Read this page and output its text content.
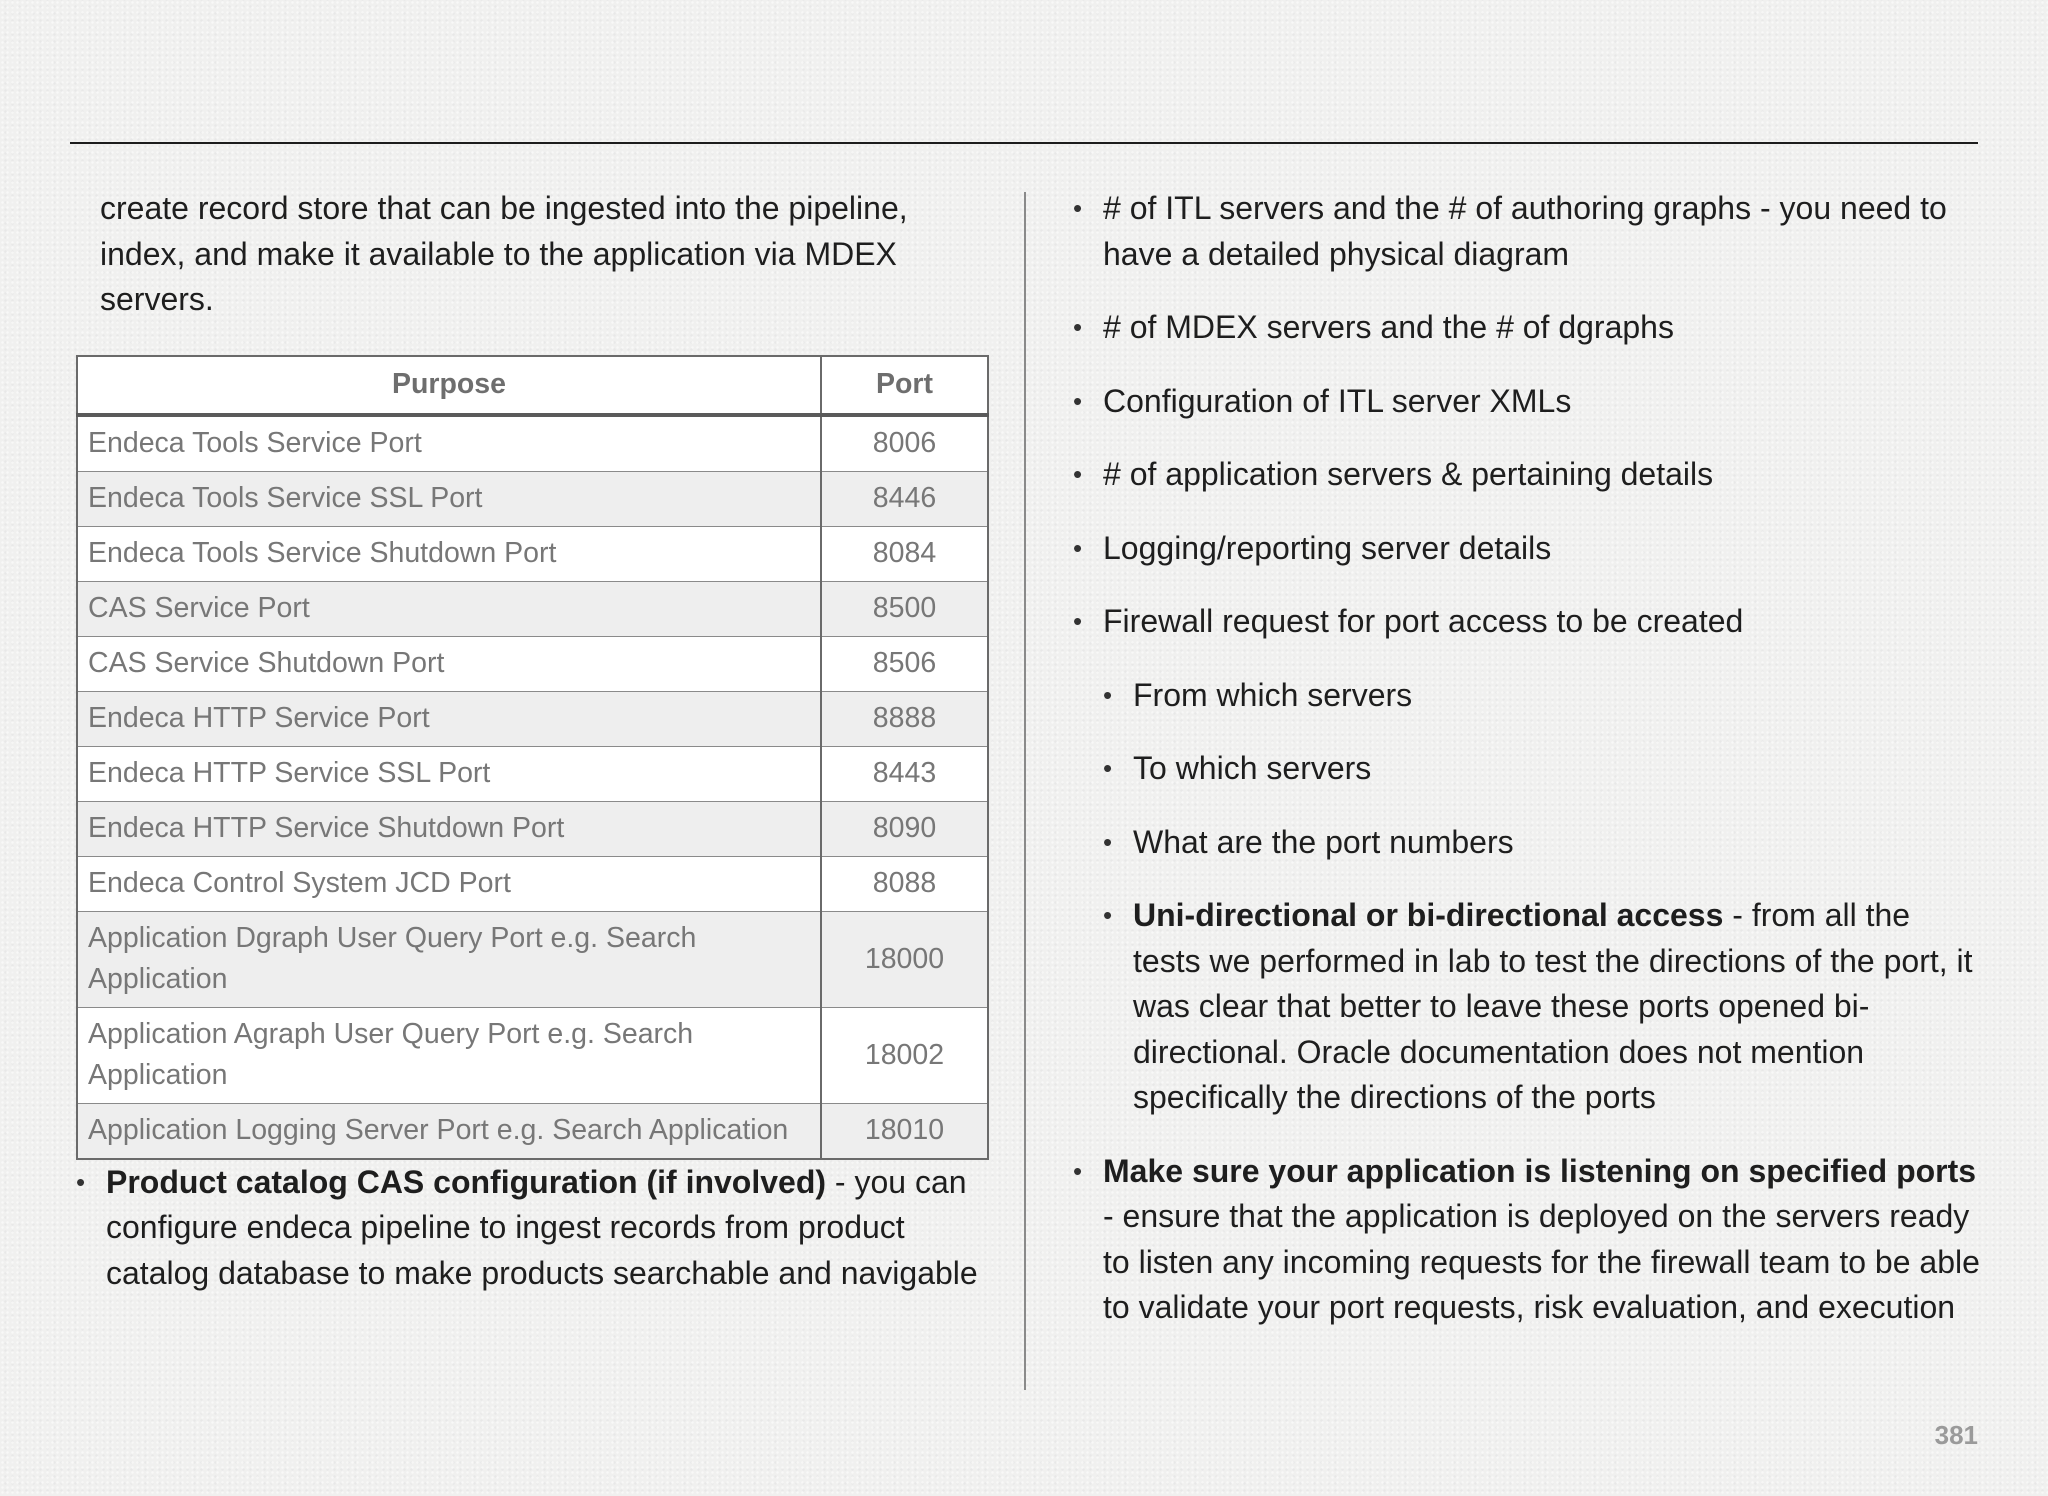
create record store that can be ingested into the pipeline, index, and make it available to the application via MDEX servers.

Purpose	Port
Endeca Tools Service Port	8006
Endeca Tools Service SSL Port	8446
Endeca Tools Service Shutdown Port	8084
CAS Service Port	8500
CAS Service Shutdown Port	8506
Endeca HTTP Service Port	8888
Endeca HTTP Service SSL Port	8443
Endeca HTTP Service Shutdown Port	8090
Endeca Control System JCD Port	8088
Application Dgraph User Query Port e.g. Search Application	18000
Application Agraph User Query Port e.g. Search Application	18002
Application Logging Server Port e.g. Search Application	18010
• Product catalog CAS configuration (if involved) - you can configure endeca pipeline to ingest records from product catalog database to make products searchable and navigable
• # of ITL servers and the # of authoring graphs - you need to have a detailed physical diagram
• # of MDEX servers and the # of dgraphs
• Configuration of ITL server XMLs
• # of application servers & pertaining details
• Logging/reporting server details
• Firewall request for port access to be created
• From which servers
• To which servers
• What are the port numbers
• Uni-directional or bi-directional access - from all the tests we performed in lab to test the directions of the port, it was clear that better to leave these ports opened bi-directional. Oracle documentation does not mention specifically the directions of the ports
• Make sure your application is listening on specified ports - ensure that the application is deployed on the servers ready to listen any incoming requests for the firewall team to be able to validate your port requests, risk evaluation, and execution
381
